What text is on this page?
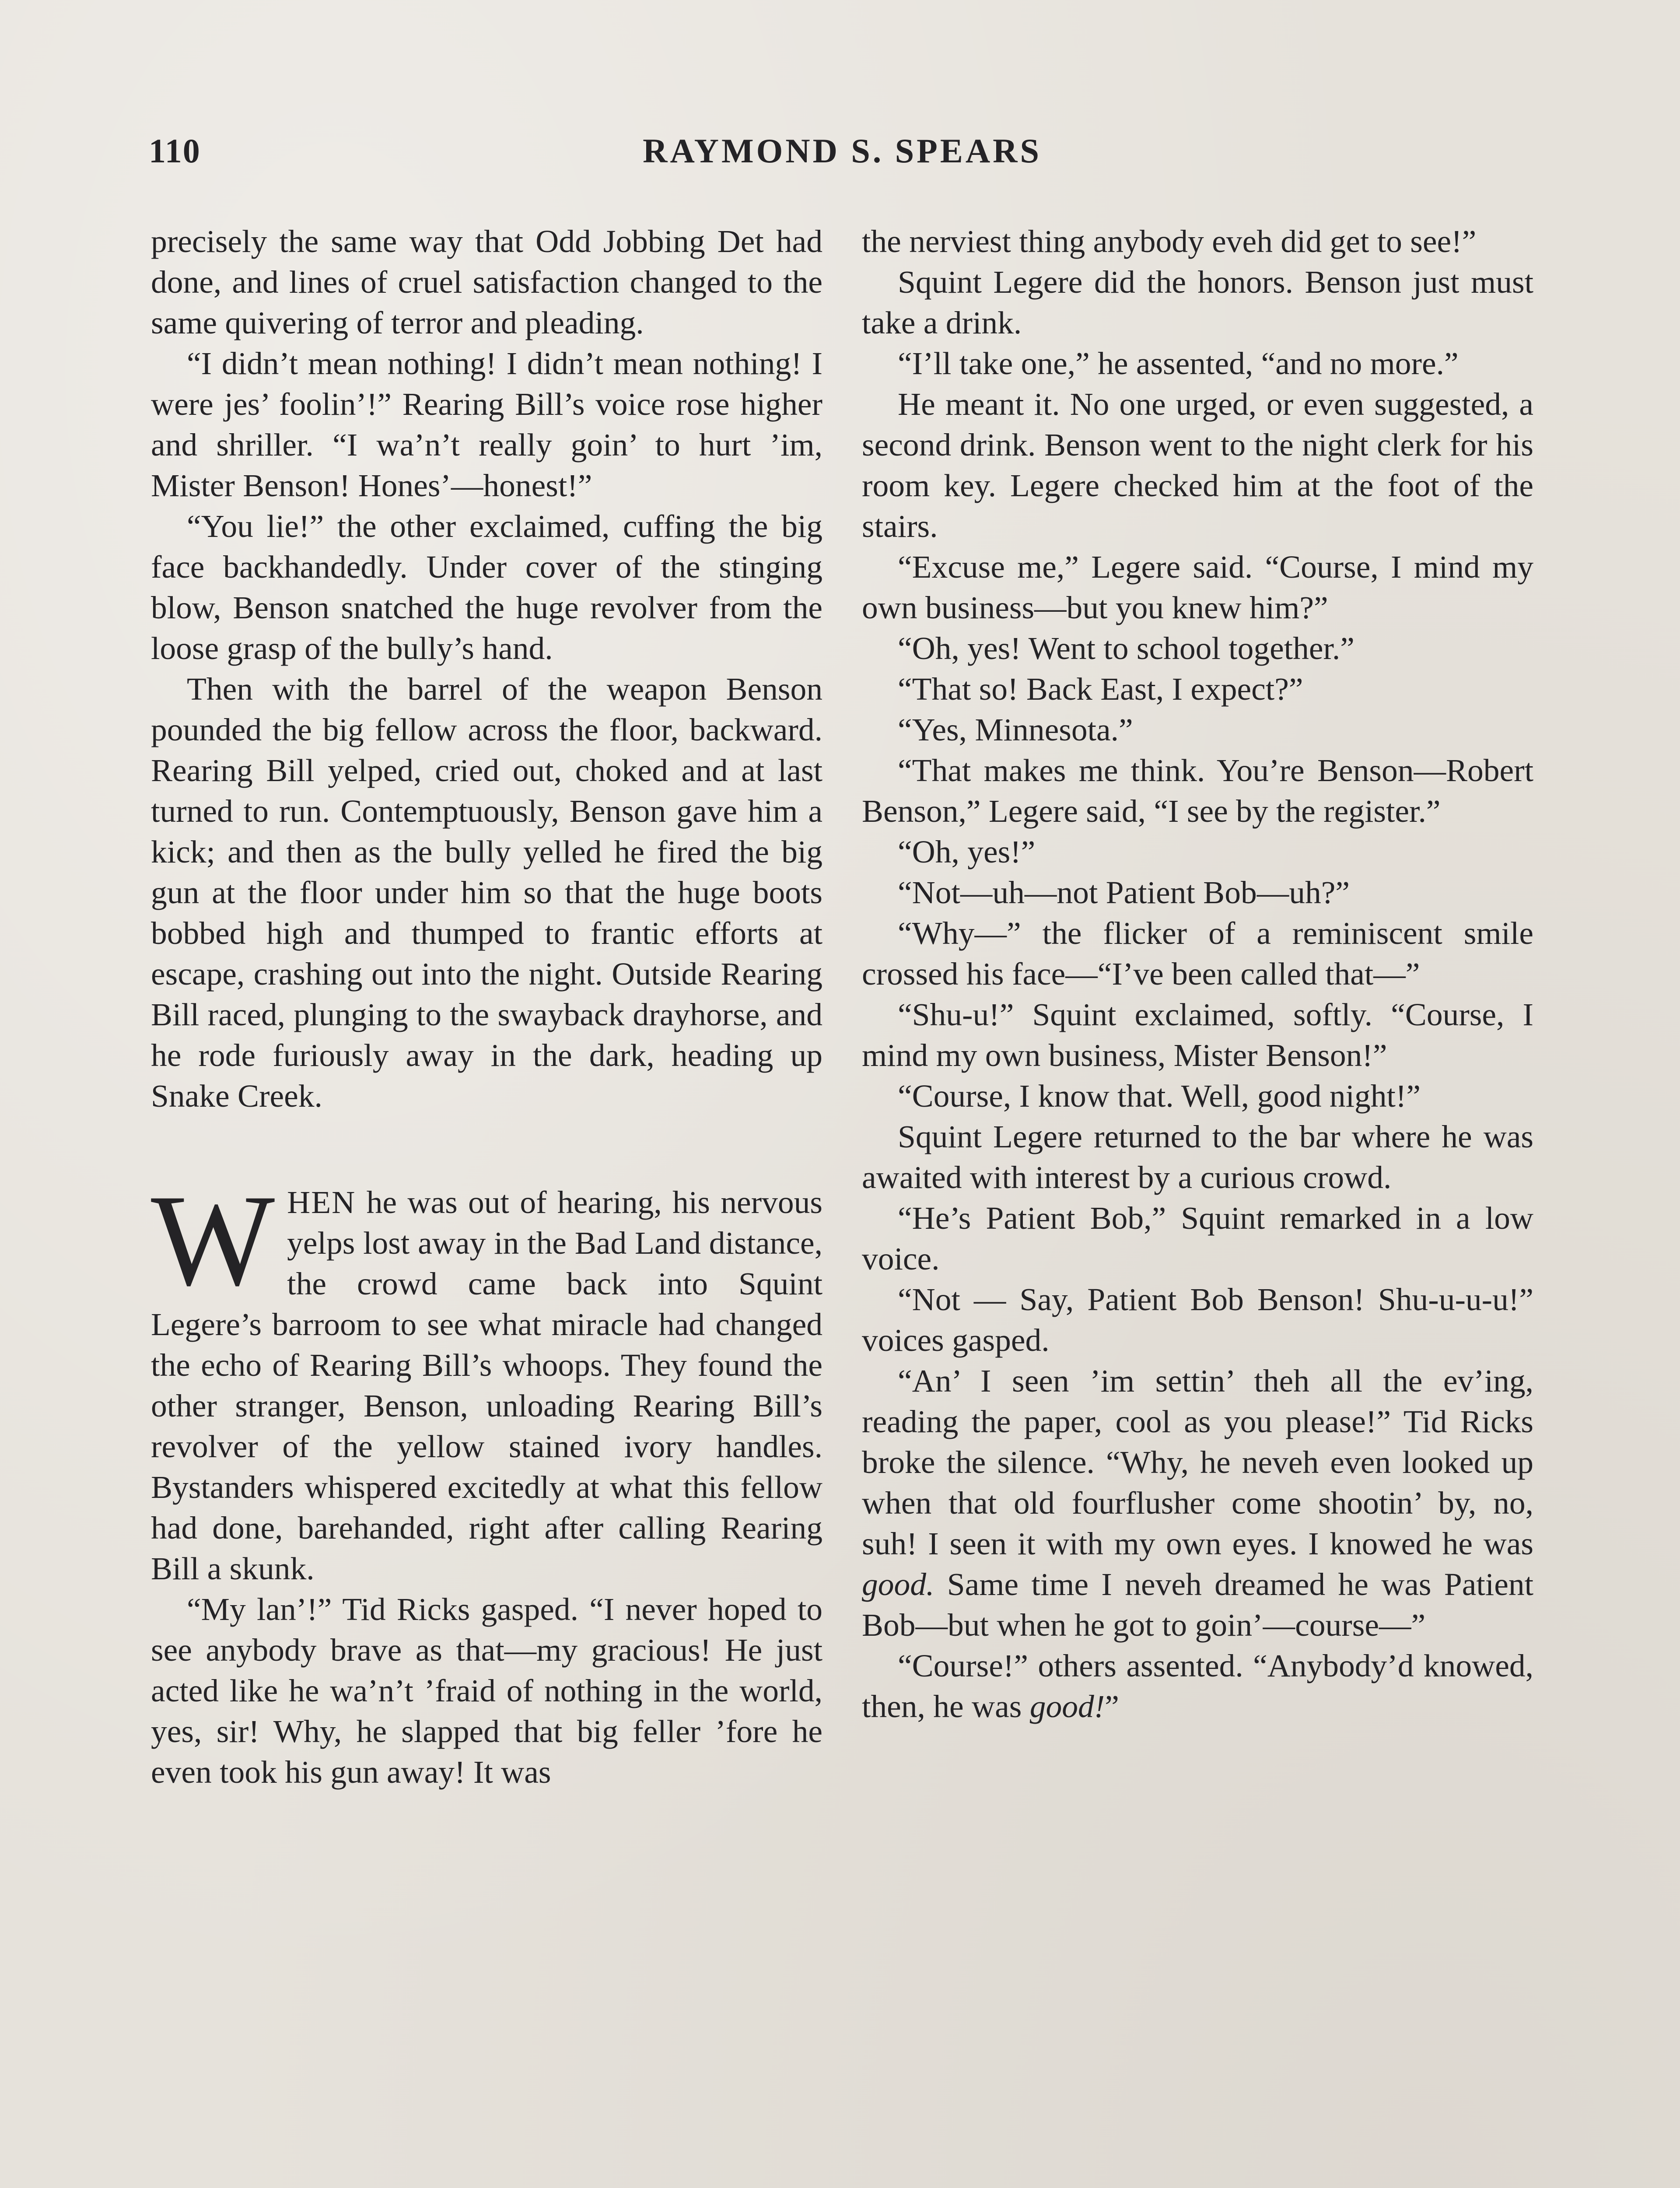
110	RAYMOND S. SPEARS

precisely the same way that Odd Jobbing Det had done, and lines of cruel satisfaction changed to the same quivering of terror and pleading.

“I didn’t mean nothing! I didn’t mean nothing! I were jes’ foolin’!” Rearing Bill’s voice rose higher and shriller. “I wa’n’t really goin’ to hurt ’im, Mister Benson! Hones’—honest!”

“You lie!” the other exclaimed, cuffing the big face backhandedly. Under cover of the stinging blow, Benson snatched the huge revolver from the loose grasp of the bully’s hand.

Then with the barrel of the weapon Benson pounded the big fellow across the floor, backward. Rearing Bill yelped, cried out, choked and at last turned to run. Contemptuously, Benson gave him a kick; and then as the bully yelled he fired the big gun at the floor under him so that the huge boots bobbed high and thumped to frantic efforts at escape, crashing out into the night. Outside Rearing Bill raced, plunging to the swayback drayhorse, and he rode furiously away in the dark, heading up Snake Creek.

WHEN he was out of hearing, his nervous yelps lost away in the Bad Land distance, the crowd came back into Squint Legere’s barroom to see what miracle had changed the echo of Rearing Bill’s whoops. They found the other stranger, Benson, unloading Rearing Bill’s revolver of the yellow stained ivory handles. Bystanders whispered excitedly at what this fellow had done, barehanded, right after calling Rearing Bill a skunk.

“My lan’!” Tid Ricks gasped. “I never hoped to see anybody brave as that—my gracious! He just acted like he wa’n’t ’fraid of nothing in the world, yes, sir! Why, he slapped that big feller ’fore he even took his gun away! It was

the nerviest thing anybody eveh did get to see!”

Squint Legere did the honors. Benson just must take a drink.

“I’ll take one,” he assented, “and no more.”

He meant it. No one urged, or even suggested, a second drink. Benson went to the night clerk for his room key. Legere checked him at the foot of the stairs.

“Excuse me,” Legere said. “Course, I mind my own business—but you knew him?”

“Oh, yes! Went to school together.”

“That so! Back East, I expect?”

“Yes, Minnesota.”

“That makes me think. You’re Benson—Robert Benson,” Legere said, “I see by the register.”

“Oh, yes!”

“Not—uh—not Patient Bob—uh?”

“Why—” the flicker of a reminiscent smile crossed his face—“I’ve been called that—”

“Shu-u!” Squint exclaimed, softly. “Course, I mind my own business, Mister Benson!”

“Course, I know that. Well, good night!”

Squint Legere returned to the bar where he was awaited with interest by a curious crowd.

“He’s Patient Bob,” Squint remarked in a low voice.

“Not — Say, Patient Bob Benson! Shu-u-u-u!” voices gasped.

“An’ I seen ’im settin’ theh all the ev’ing, reading the paper, cool as you please!” Tid Ricks broke the silence. “Why, he neveh even looked up when that old fourflusher come shootin’ by, no, suh! I seen it with my own eyes. I knowed he was good. Same time I neveh dreamed he was Patient Bob—but when he got to goin’—course—”

“Course!” others assented. “Anybody’d knowed, then, he was good!”
